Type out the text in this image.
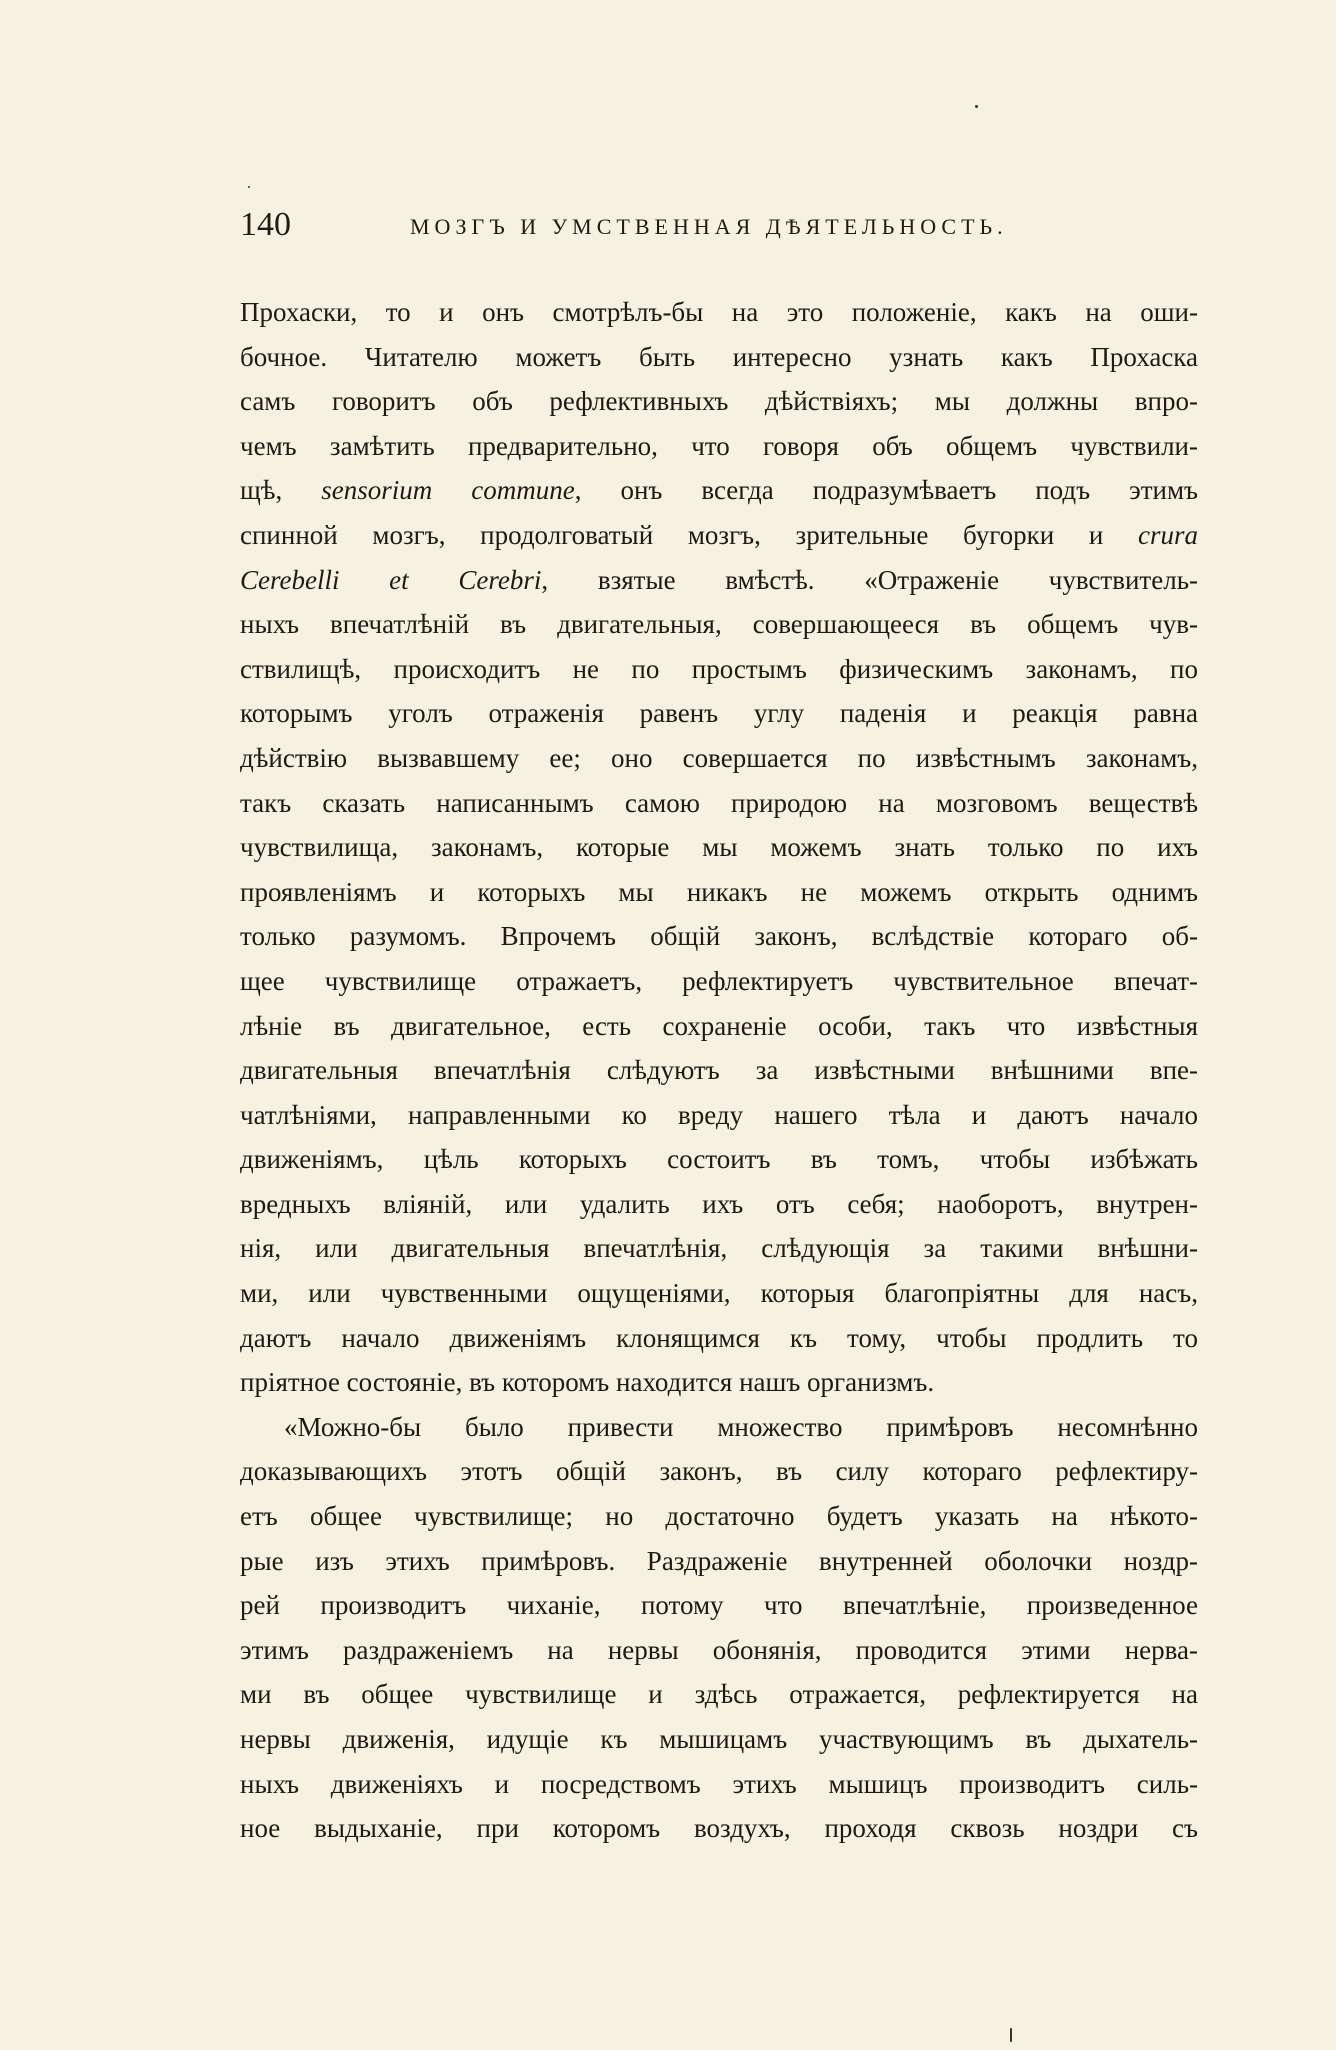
140	МОЗГЪ И УМСТВЕННАЯ ДѢЯТЕЛЬНОСТЬ.
Прохаски, то и онъ смотрѣлъ-бы на это положеніе, какъ на оши-
бочное. Читателю можетъ быть интересно узнать какъ Прохаска
самъ говоритъ объ рефлективныхъ дѣйствіяхъ; мы должны впро-
чемъ замѣтить предварительно, что говоря объ общемъ чувствили-
щѣ, sensorium commune, онъ всегда подразумѣваетъ подъ этимъ
спинной мозгъ, продолговатый мозгъ, зрительные бугорки и crura
Cerebelli et Cerebri, взятые вмѣстѣ. «Отраженіе чувствитель-
ныхъ впечатлѣній въ двигательныя, совершающееся въ общемъ чув-
ствилищѣ, происходитъ не по простымъ физическимъ законамъ, по
которымъ уголъ отраженія равенъ углу паденія и реакція равна
дѣйствію вызвавшему ее; оно совершается по извѣстнымъ законамъ,
такъ сказать написаннымъ самою природою на мозговомъ веществѣ
чувствилища, законамъ, которые мы можемъ знать только по ихъ
проявленіямъ и которыхъ мы никакъ не можемъ открыть однимъ
только разумомъ. Впрочемъ общій законъ, вслѣдствіе котораго об-
щее чувствилище отражаетъ, рефлектируетъ чувствительное впечат-
лѣніе въ двигательное, есть сохраненіе особи, такъ что извѣстныя
двигательныя впечатлѣнія слѣдуютъ за извѣстными внѣшними впе-
чатлѣніями, направленными ко вреду нашего тѣла и даютъ начало
движеніямъ, цѣль которыхъ состоитъ въ томъ, чтобы избѣжать
вредныхъ вліяній, или удалить ихъ отъ себя; наоборотъ, внутрен-
нія, или двигательныя впечатлѣнія, слѣдующія за такими внѣшни-
ми, или чувственными ощущеніями, которыя благопріятны для насъ,
даютъ начало движеніямъ клонящимся къ тому, чтобы продлить то
пріятное состояніе, въ которомъ находится нашъ организмъ.
«Можно-бы было привести множество примѣровъ несомнѣнно
доказывающихъ этотъ общій законъ, въ силу котораго рефлектиру-
етъ общее чувствилище; но достаточно будетъ указать на нѣкото-
рые изъ этихъ примѣровъ. Раздраженіе внутренней оболочки ноздр-
рей производитъ чиханіе, потому что впечатлѣніе, произведенное
этимъ раздраженіемъ на нервы обонянія, проводится этими нерва-
ми въ общее чувствилище и здѣсь отражается, рефлектируется на
нервы движенія, идущіе къ мышицамъ участвующимъ въ дыхатель-
ныхъ движеніяхъ и посредствомъ этихъ мышицъ производитъ силь-
ное выдыханіе, при которомъ воздухъ, проходя сквозь ноздри съ
